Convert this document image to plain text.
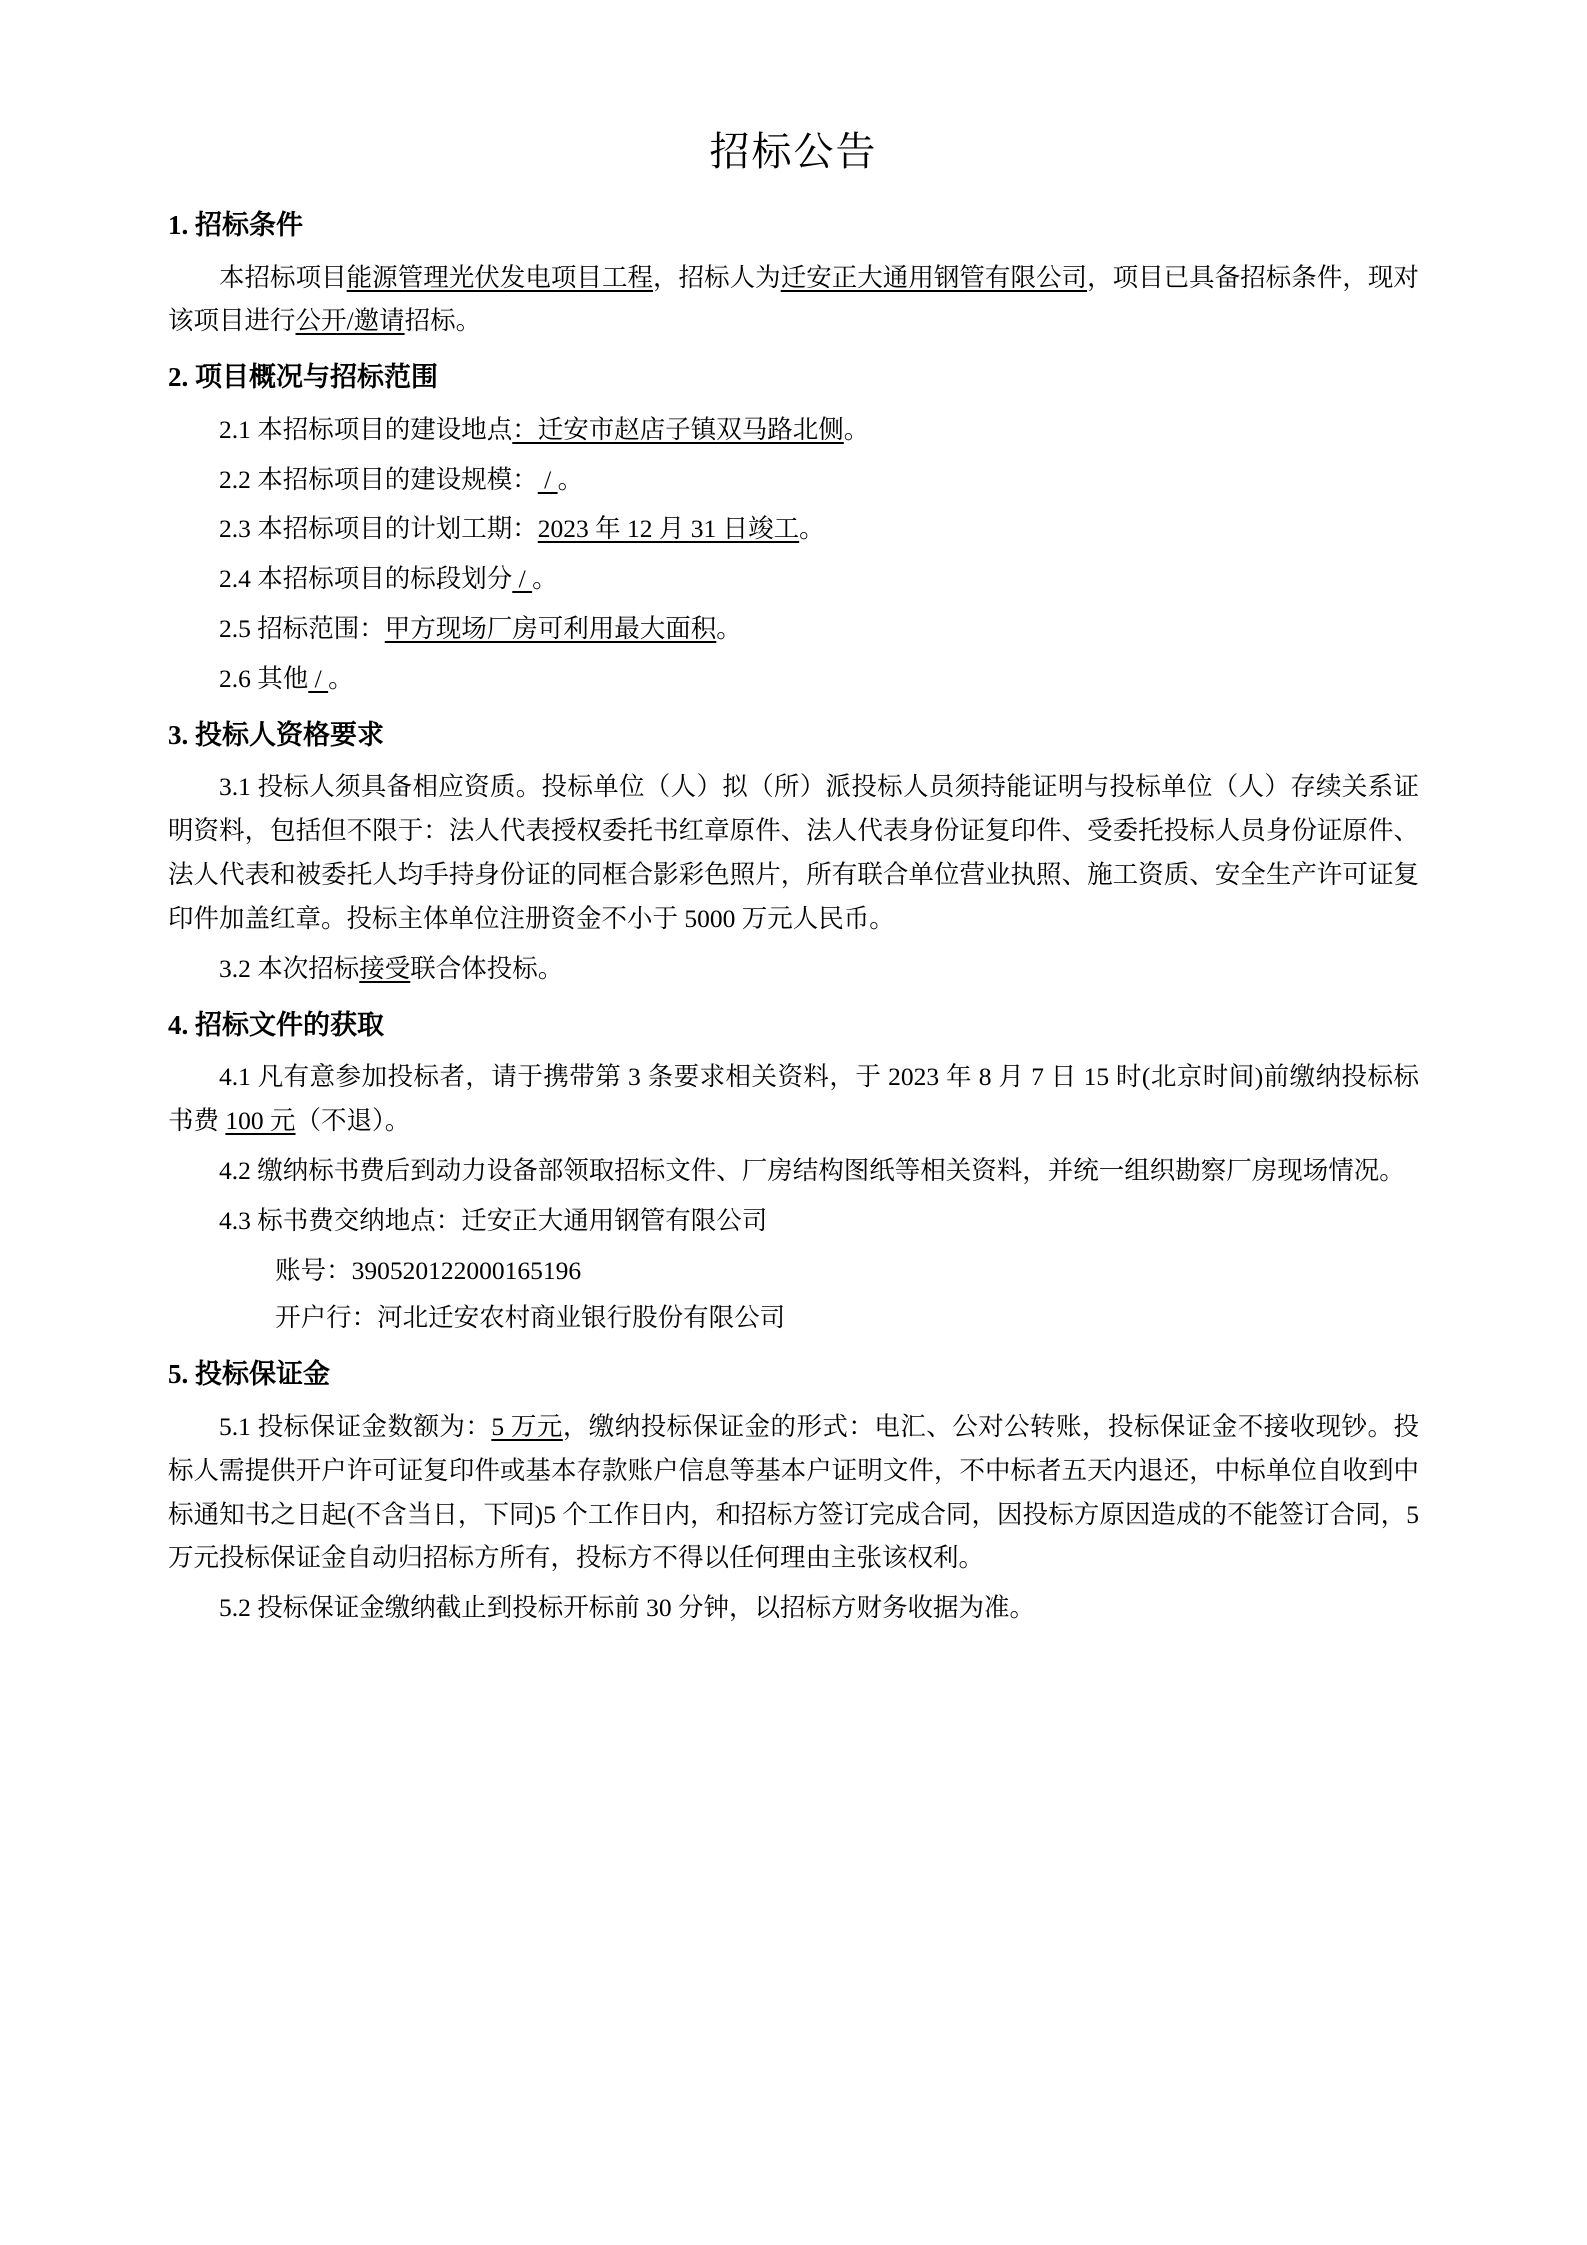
招标公告
1. 招标条件
本招标项目能源管理光伏发电项目工程，招标人为迁安正大通用钢管有限公司，项目已具备招标条件，现对该项目进行公开/邀请招标。
2. 项目概况与招标范围
2.1 本招标项目的建设地点：迁安市赵店子镇双马路北侧。
2.2 本招标项目的建设规模： / 。
2.3 本招标项目的计划工期：2023 年 12 月 31 日竣工。
2.4 本招标项目的标段划分 / 。
2.5 招标范围：甲方现场厂房可利用最大面积。
2.6 其他 / 。
3. 投标人资格要求
3.1 投标人须具备相应资质。投标单位（人）拟（所）派投标人员须持能证明与投标单位（人）存续关系证明资料，包括但不限于：法人代表授权委托书红章原件、法人代表身份证复印件、受委托投标人员身份证原件、法人代表和被委托人均手持身份证的同框合影彩色照片，所有联合单位营业执照、施工资质、安全生产许可证复印件加盖红章。投标主体单位注册资金不小于 5000 万元人民币。
3.2 本次招标接受联合体投标。
4. 招标文件的获取
4.1 凡有意参加投标者，请于携带第 3 条要求相关资料，于 2023 年 8 月 7 日 15 时(北京时间)前缴纳投标标书费 100 元（不退）。
4.2 缴纳标书费后到动力设备部领取招标文件、厂房结构图纸等相关资料，并统一组织勘察厂房现场情况。
4.3 标书费交纳地点：迁安正大通用钢管有限公司
账号：390520122000165196
开户行：河北迁安农村商业银行股份有限公司
5. 投标保证金
5.1 投标保证金数额为：5 万元，缴纳投标保证金的形式：电汇、公对公转账，投标保证金不接收现钞。投标人需提供开户许可证复印件或基本存款账户信息等基本户证明文件，不中标者五天内退还，中标单位自收到中标通知书之日起(不含当日，下同)5 个工作日内，和招标方签订完成合同，因投标方原因造成的不能签订合同，5 万元投标保证金自动归招标方所有，投标方不得以任何理由主张该权利。
5.2 投标保证金缴纳截止到投标开标前 30 分钟，以招标方财务收据为准。
